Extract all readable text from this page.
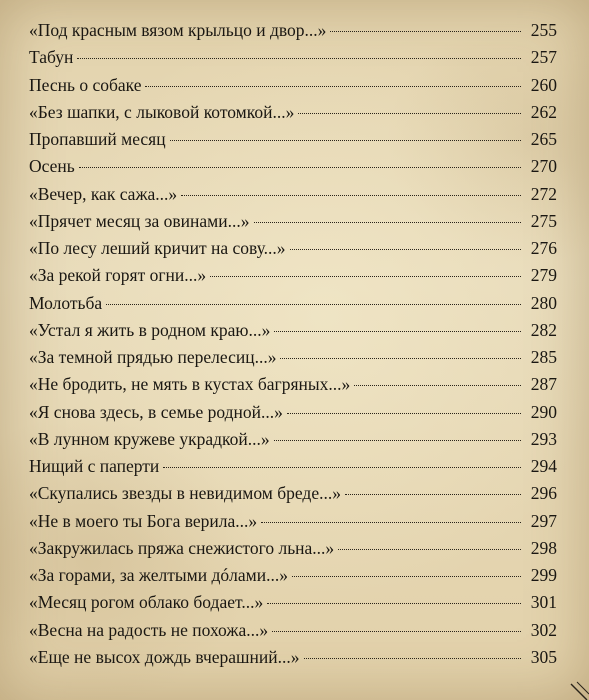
«Под красным вязом крыльцо и двор...»	255
Табун	257
Песнь о собаке	260
«Без шапки, с лыковой котомкой...»	262
Пропавший месяц	265
Осень	270
«Вечер, как сажа...»	272
«Прячет месяц за овинами...»	275
«По лесу леший кричит на сову...»	276
«За рекой горят огни...»	279
Молотьба	280
«Устал я жить в родном краю...»	282
«За темной прядью перелесиц...»	285
«Не бродить, не мять в кустах багряных...»	287
«Я снова здесь, в семье родной...»	290
«В лунном кружеве украдкой...»	293
Нищий с паперти	294
«Скупались звезды в невидимом бреде...»	296
«Не в моего ты Бога верила...»	297
«Закружилась пряжа снежистого льна...»	298
«За горами, за желтыми дóлами...»	299
«Месяц рогом облако бодает...»	301
«Весна на радость не похожа...»	302
«Еще не высох дождь вчерашний...»	305
